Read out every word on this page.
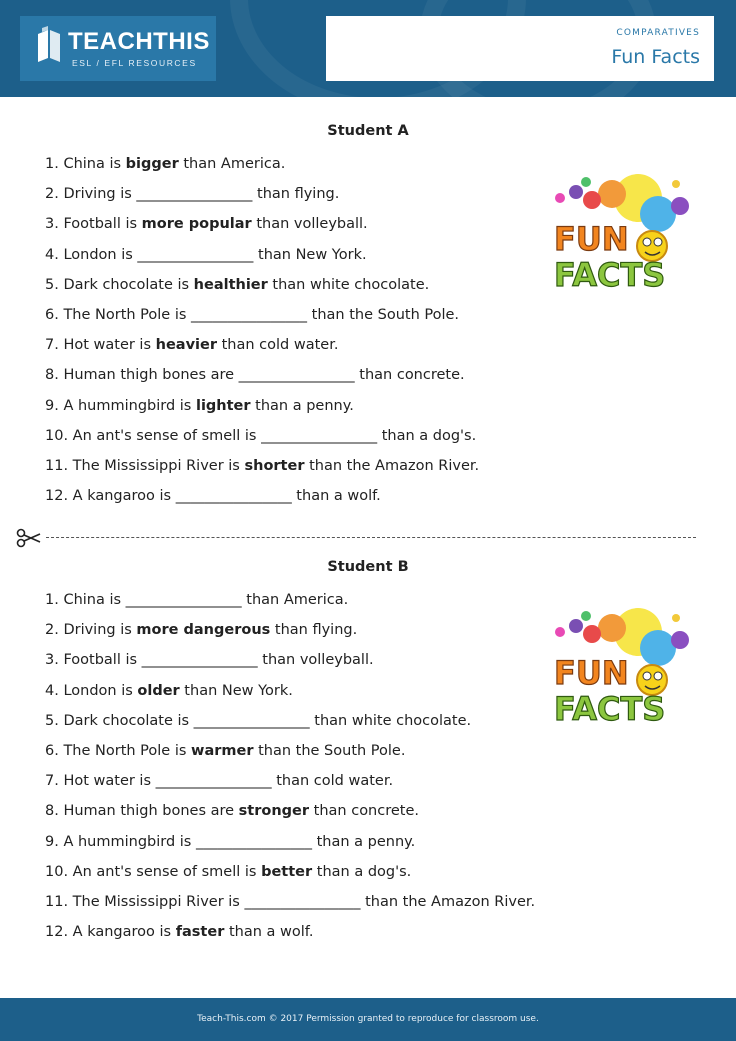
TEACHTHIS
ESL / EFL RESOURCES
COMPARATIVES
Fun Facts
Student A
1. China is bigger than America.
2. Driving is ________________ than flying.
3. Football is more popular than volleyball.
4. London is ________________ than New York.
5. Dark chocolate is healthier than white chocolate.
6. The North Pole is ________________ than the South Pole.
7. Hot water is heavier than cold water.
8. Human thigh bones are ________________ than concrete.
9. A hummingbird is lighter than a penny.
10. An ant's sense of smell is ________________ than a dog's.
11. The Mississippi River is shorter than the Amazon River.
12. A kangaroo is ________________ than a wolf.
FUN
FACTS
Student B
1. China is ________________ than America.
2. Driving is more dangerous than flying.
3. Football is ________________ than volleyball.
4. London is older than New York.
5. Dark chocolate is ________________ than white chocolate.
6. The North Pole is warmer than the South Pole.
7. Hot water is ________________ than cold water.
8. Human thigh bones are stronger than concrete.
9. A hummingbird is ________________ than a penny.
10. An ant's sense of smell is better than a dog's.
11. The Mississippi River is ________________ than the Amazon River.
12. A kangaroo is faster than a wolf.
FUN
FACTS
Teach-This.com © 2017 Permission granted to reproduce for classroom use.
